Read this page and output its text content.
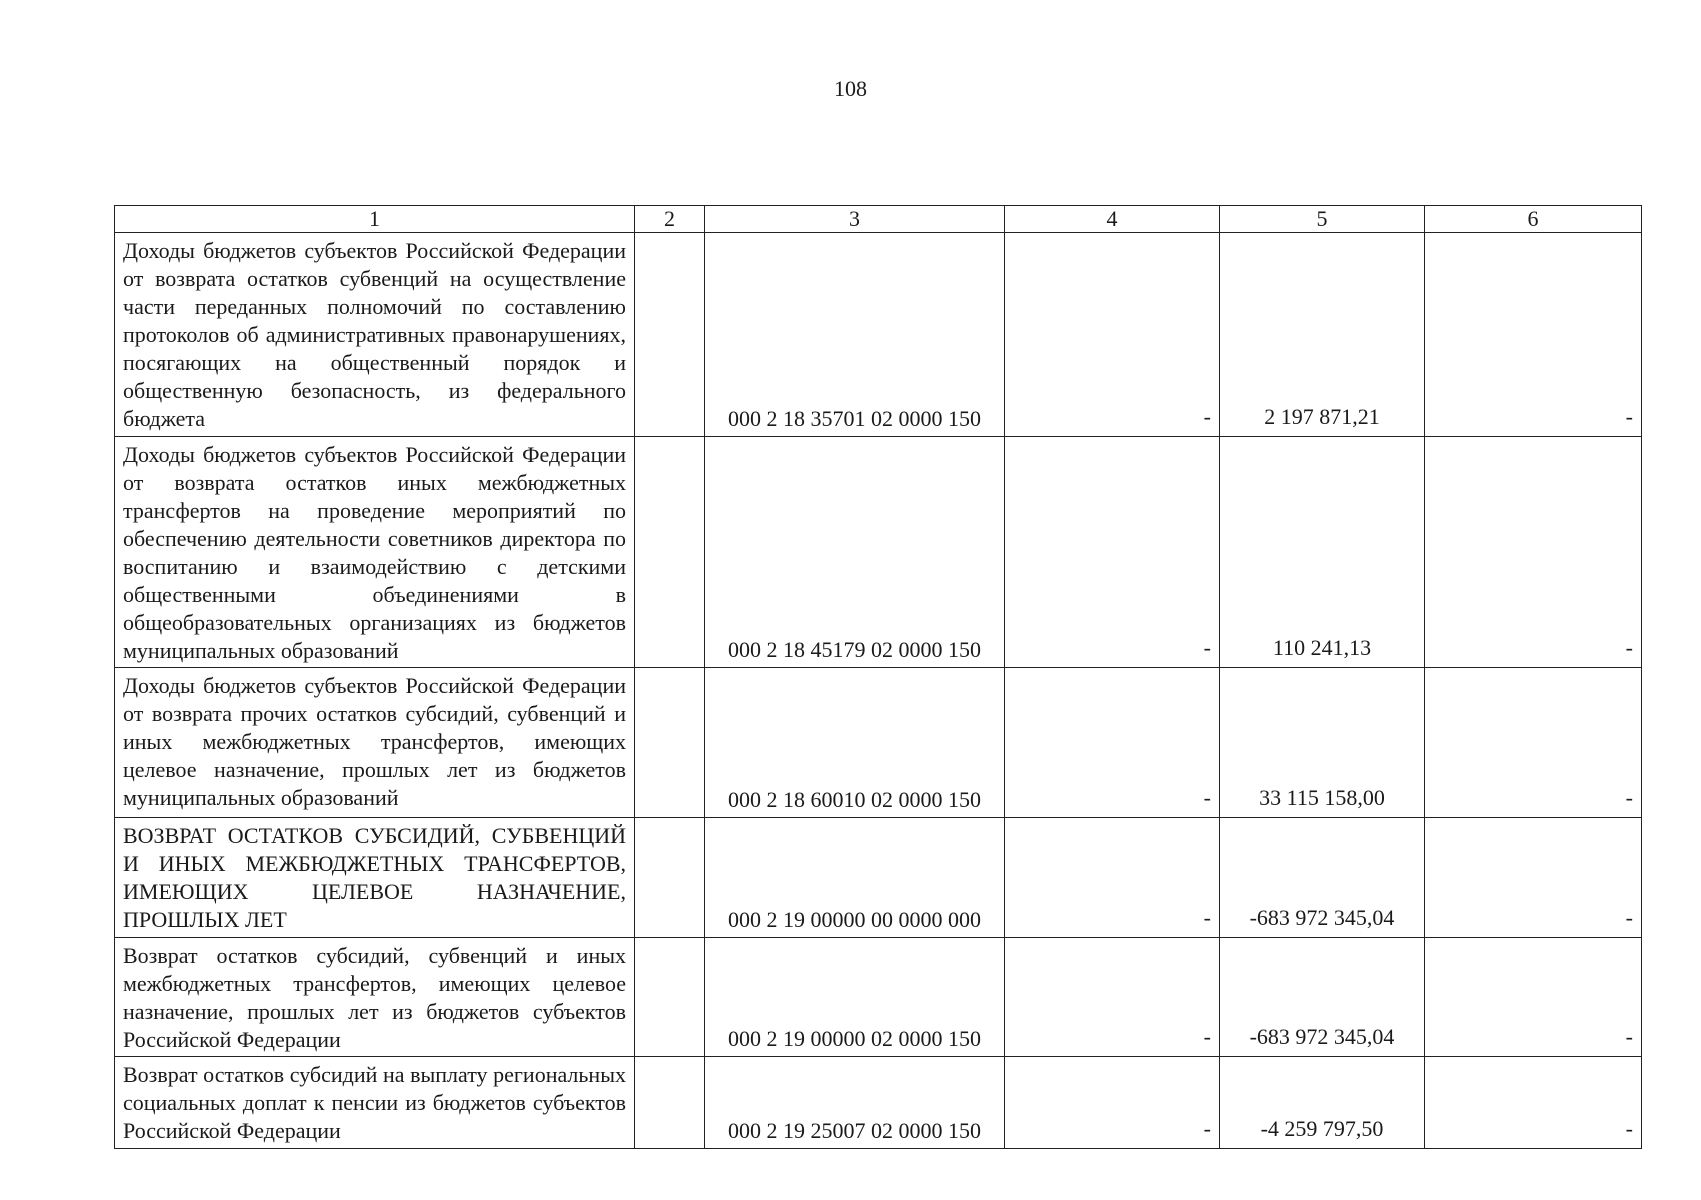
108
1	2	3	4	5	6
Доходы бюджетов субъектов Российской Федерации от возврата остатков субвенций на осуществление части переданных полномочий по составлению протоколов об административных правонарушениях, посягающих на общественный порядок и общественную безопасность, из федерального бюджета		000 2 18 35701 02 0000 150	-	2 197 871,21	-
Доходы бюджетов субъектов Российской Федерации от возврата остатков иных межбюджетных трансфертов на проведение мероприятий по обеспечению деятельности советников директора по воспитанию и взаимодействию с детскими общественными объединениями в общеобразовательных организациях из бюджетов муниципальных образований		000 2 18 45179 02 0000 150	-	110 241,13	-
Доходы бюджетов субъектов Российской Федерации от возврата прочих остатков субсидий, субвенций и иных межбюджетных трансфертов, имеющих целевое назначение, прошлых лет из бюджетов муниципальных образований		000 2 18 60010 02 0000 150	-	33 115 158,00	-
ВОЗВРАТ ОСТАТКОВ СУБСИДИЙ, СУБВЕНЦИЙ И ИНЫХ МЕЖБЮДЖЕТНЫХ ТРАНСФЕРТОВ, ИМЕЮЩИХ ЦЕЛЕВОЕ НАЗНАЧЕНИЕ, ПРОШЛЫХ ЛЕТ		000 2 19 00000 00 0000 000	-	-683 972 345,04	-
Возврат остатков субсидий, субвенций и иных межбюджетных трансфертов, имеющих целевое назначение, прошлых лет из бюджетов субъектов Российской Федерации		000 2 19 00000 02 0000 150	-	-683 972 345,04	-
Возврат остатков субсидий на выплату региональных социальных доплат к пенсии из бюджетов субъектов Российской Федерации		000 2 19 25007 02 0000 150	-	-4 259 797,50	-
